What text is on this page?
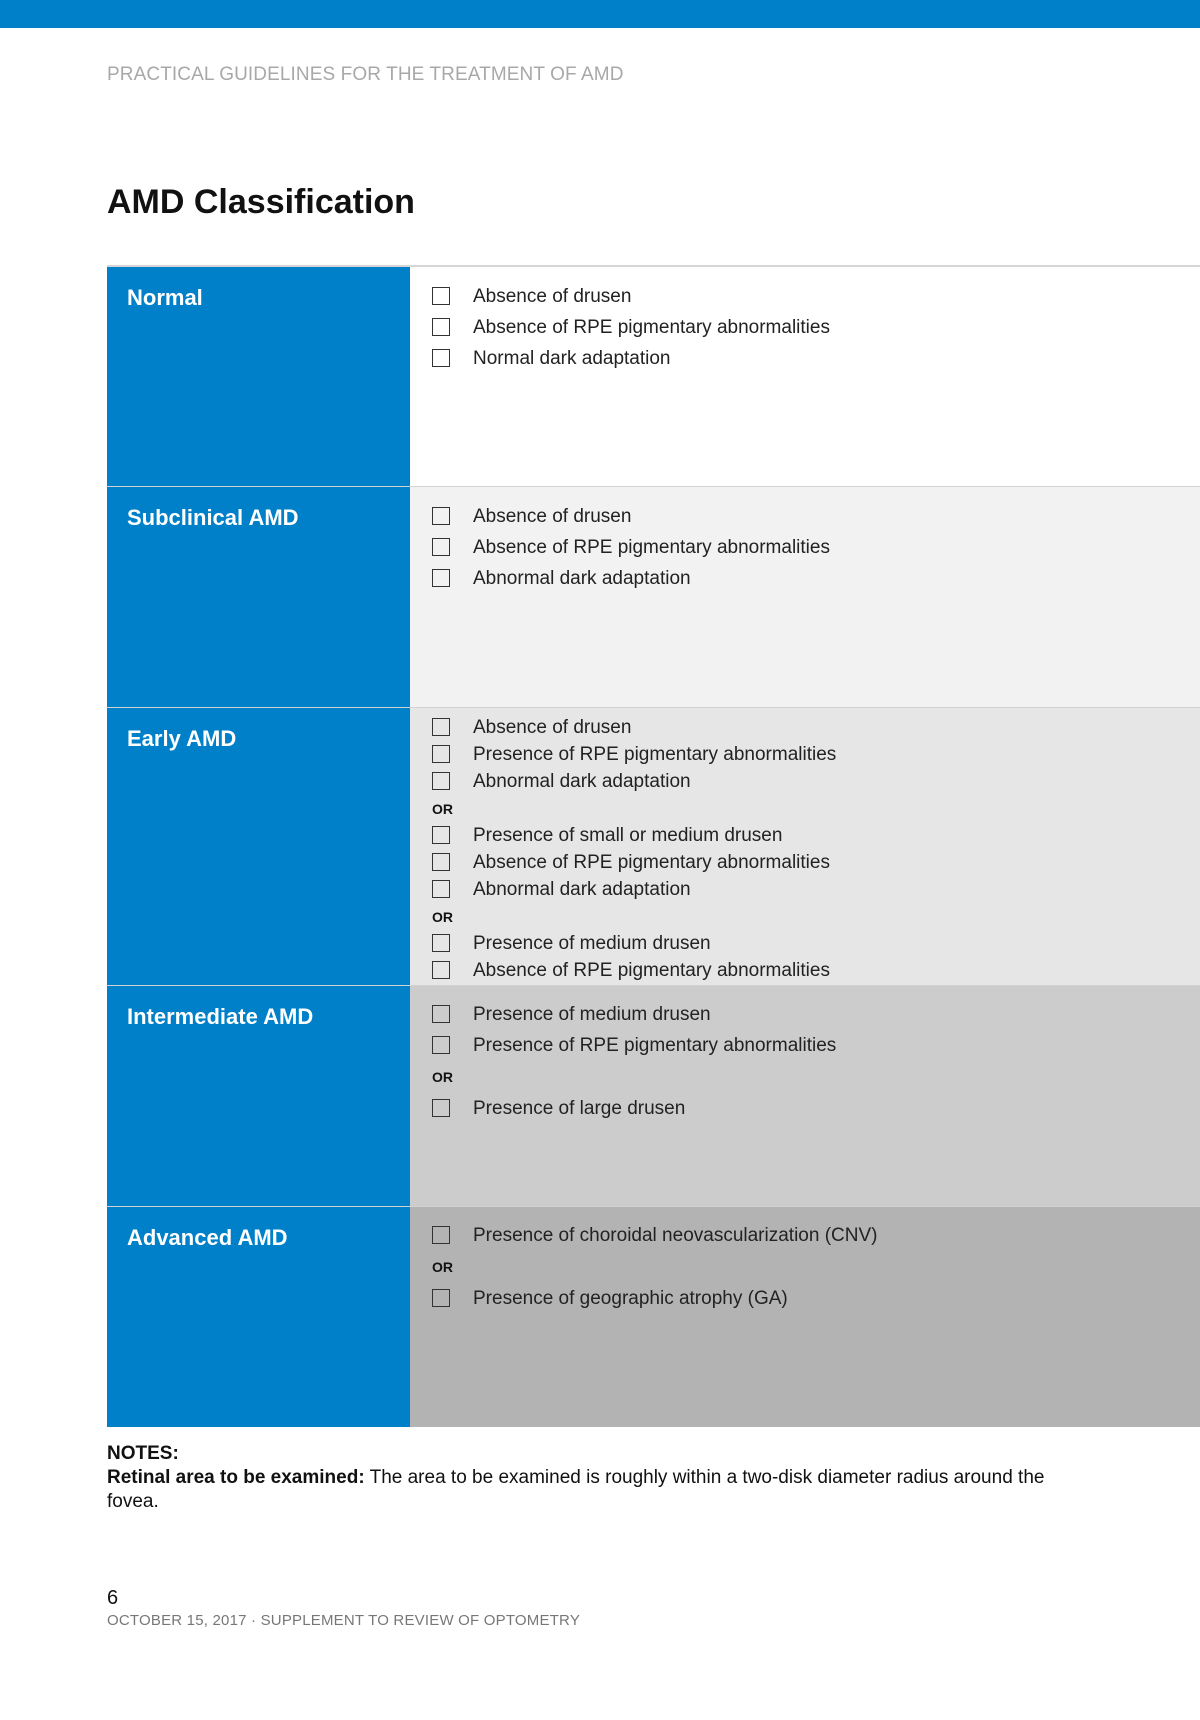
PRACTICAL GUIDELINES FOR THE TREATMENT OF AMD
AMD Classification
Normal	Absence of drusen
Absence of RPE pigmentary abnormalities
Normal dark adaptation
Subclinical AMD	Absence of drusen
Absence of RPE pigmentary abnormalities
Abnormal dark adaptation
Early AMD	Absence of drusen
Presence of RPE pigmentary abnormalities
Abnormal dark adaptation
OR
Presence of small or medium drusen
Absence of RPE pigmentary abnormalities
Abnormal dark adaptation
OR
Presence of medium drusen
Absence of RPE pigmentary abnormalities
Intermediate AMD	Presence of medium drusen
Presence of RPE pigmentary abnormalities
OR
Presence of large drusen
Advanced AMD	Presence of choroidal neovascularization (CNV)
OR
Presence of geographic atrophy (GA)
NOTES:
Retinal area to be examined: The area to be examined is roughly within a two-disk diameter radius around the fovea.
6
OCTOBER 15, 2017 · SUPPLEMENT TO REVIEW OF OPTOMETRY
